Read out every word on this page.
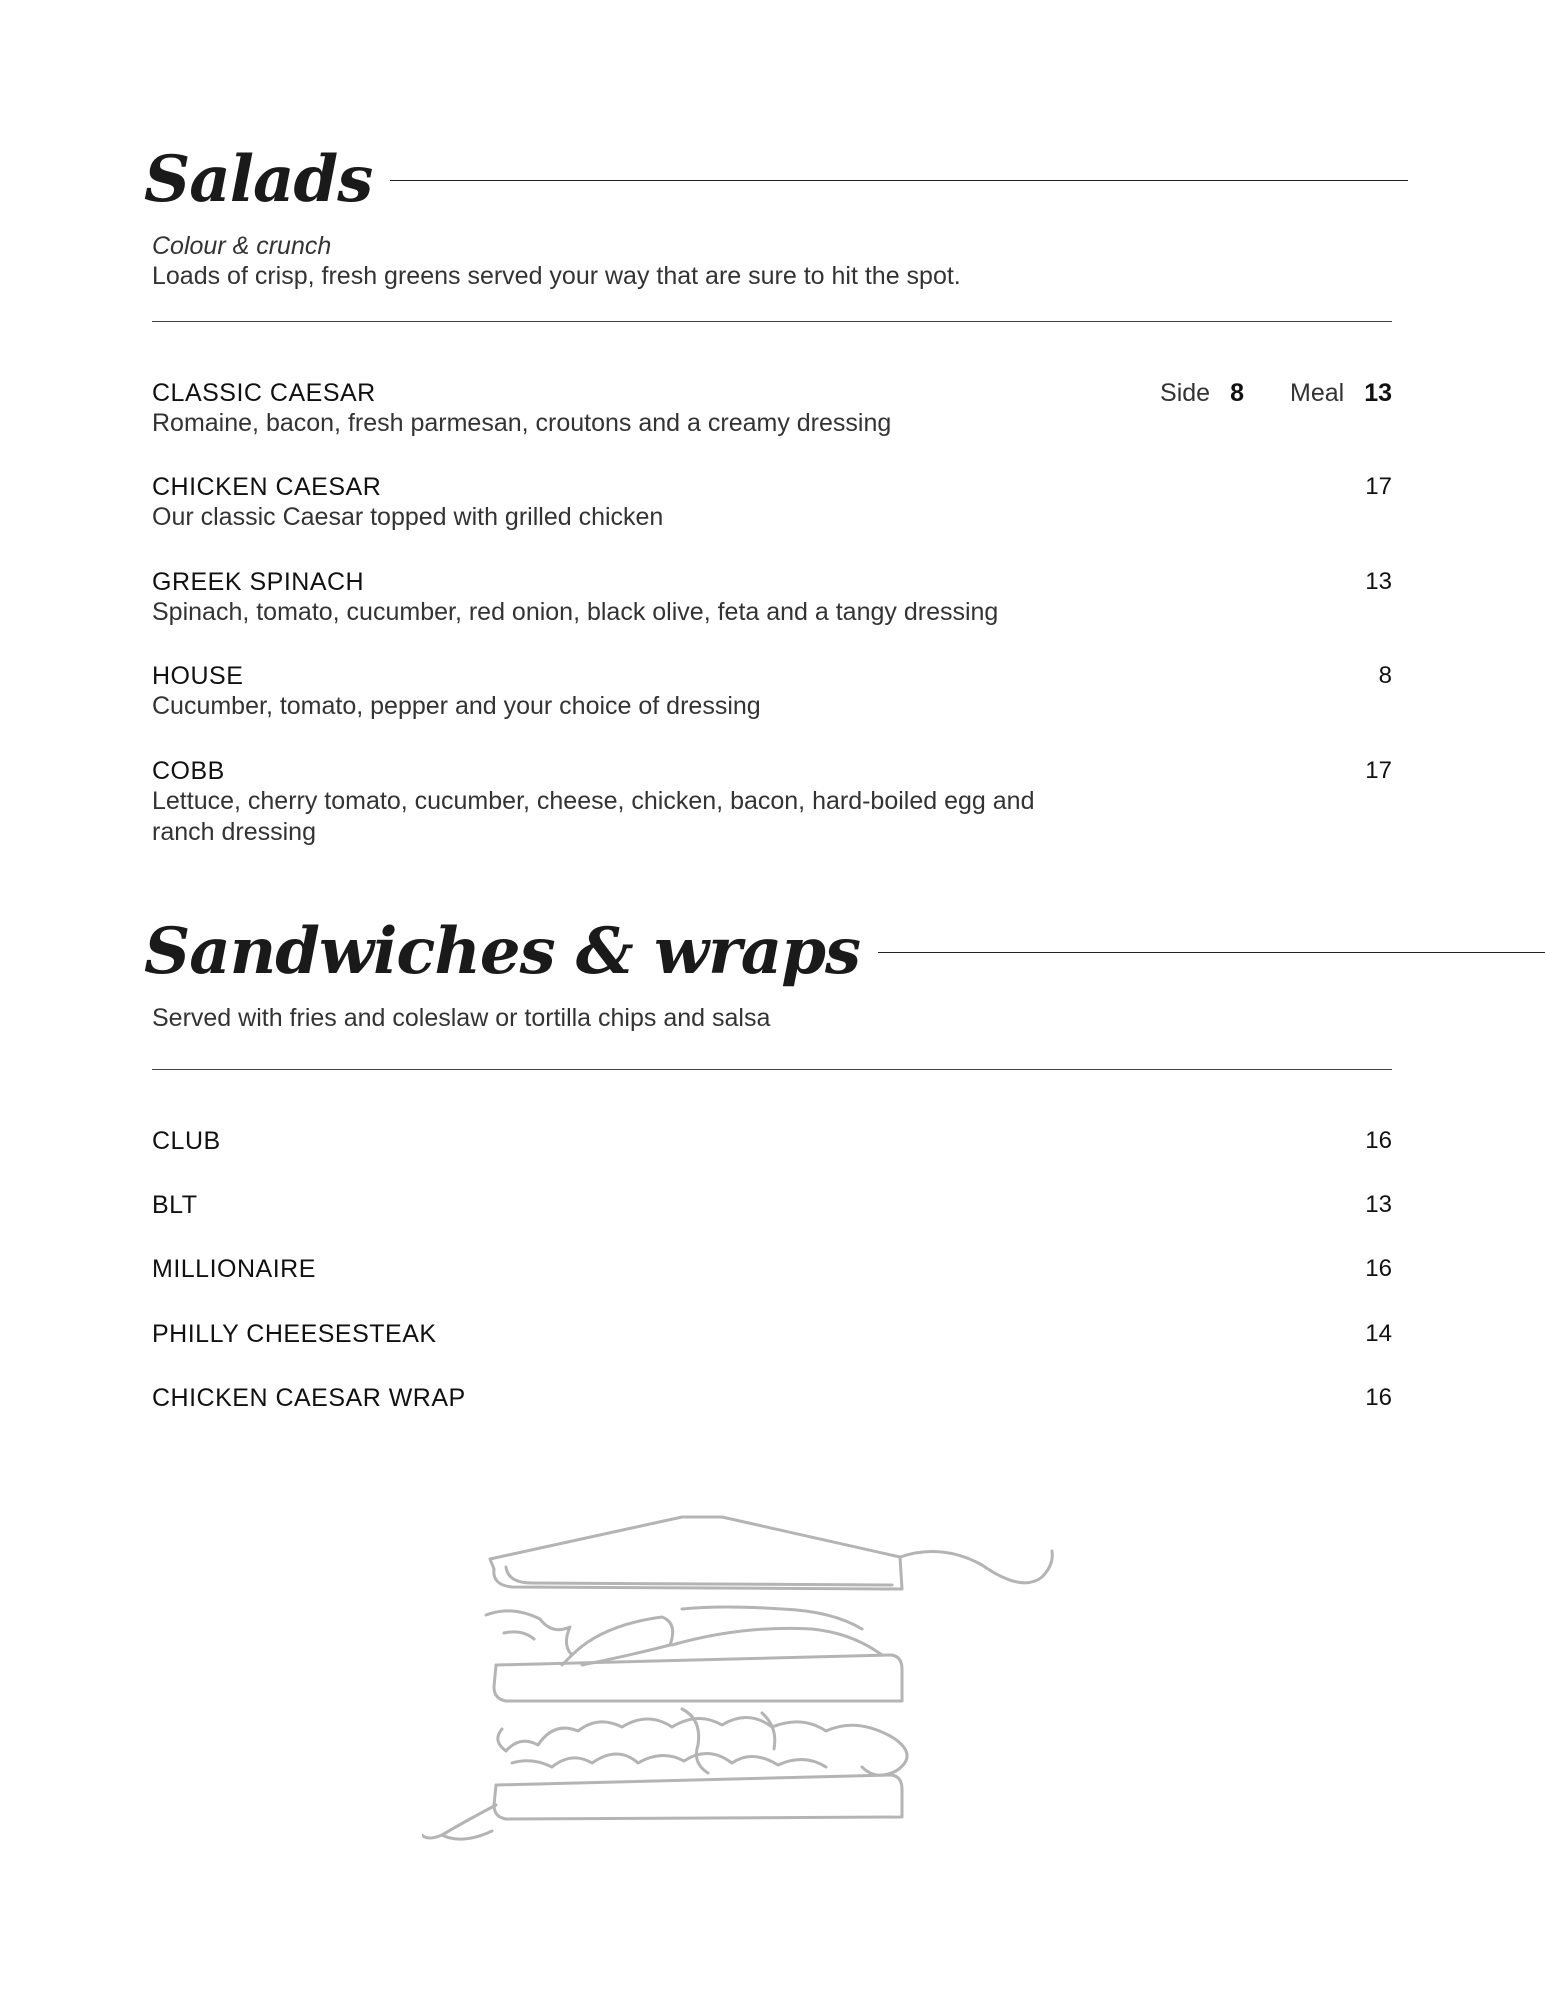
Salads
Colour & crunch
Loads of crisp, fresh greens served your way that are sure to hit the spot.
CLASSIC CAESAR
Romaine, bacon, fresh parmesan, croutons and a creamy dressing
Side 8 Meal 13
CHICKEN CAESAR
Our classic Caesar topped with grilled chicken
17
GREEK SPINACH
Spinach, tomato, cucumber, red onion, black olive, feta and a tangy dressing
13
HOUSE
Cucumber, tomato, pepper and your choice of dressing
8
COBB
Lettuce, cherry tomato, cucumber, cheese, chicken, bacon, hard-boiled egg and ranch dressing
17
Sandwiches & wraps
Served with fries and coleslaw or tortilla chips and salsa
CLUB	16
BLT	13
MILLIONAIRE	16
PHILLY CHEESESTEAK	14
CHICKEN CAESAR WRAP	16
